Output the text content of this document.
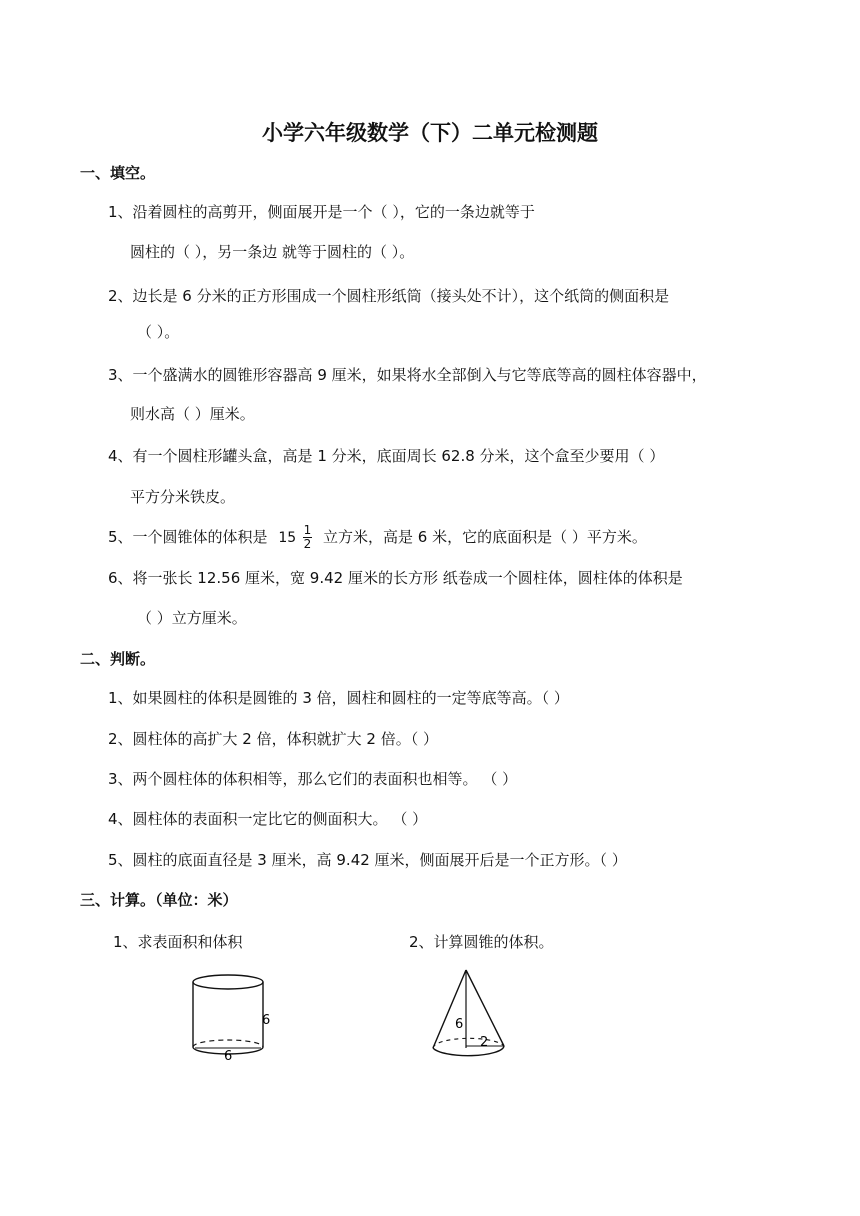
小学六年级数学（下）二单元检测题
一、填空。
1、沿着圆柱的高剪开，侧面展开是一个（ ），它的一条边就等于
圆柱的（ ），另一条边 就等于圆柱的（ ）。
2、边长是 6 分米的正方形围成一个圆柱形纸筒（接头处不计），这个纸筒的侧面积是
（ ）。
3、一个盛满水的圆锥形容器高 9 厘米，如果将水全部倒入与它等底等高的圆柱体容器中，
则水高（ ）厘米。
4、有一个圆柱形罐头盒，高是 1 分米，底面周长 62.8 分米，这个盒至少要用（ ）
平方分米铁皮。
5、一个圆锥体的体积是 $15 \frac{1}{2}$ 立方米，高是 6 米，它的底面积是（ ）平方米。
6、将一张长 12.56 厘米，宽 9.42 厘米的长方形 纸卷成一个圆柱体，圆柱体的体积是
（ ）立方厘米。
二、判断。
1、如果圆柱的体积是圆锥的 3 倍，圆柱和圆柱的一定等底等高。（ ）
2、圆柱体的高扩大 2 倍，体积就扩大 2 倍。（ ）
3、两个圆柱体的体积相等，那么它们的表面积也相等。 （ ）
4、圆柱体的表面积一定比它的侧面积大。 （ ）
5、圆柱的底面直径是 3 厘米，高 9.42 厘米，侧面展开后是一个正方形。（ ）
三、计算。（单位：米）
1、求表面积和体积	2、计算圆锥的体积。
6
6
6
2
